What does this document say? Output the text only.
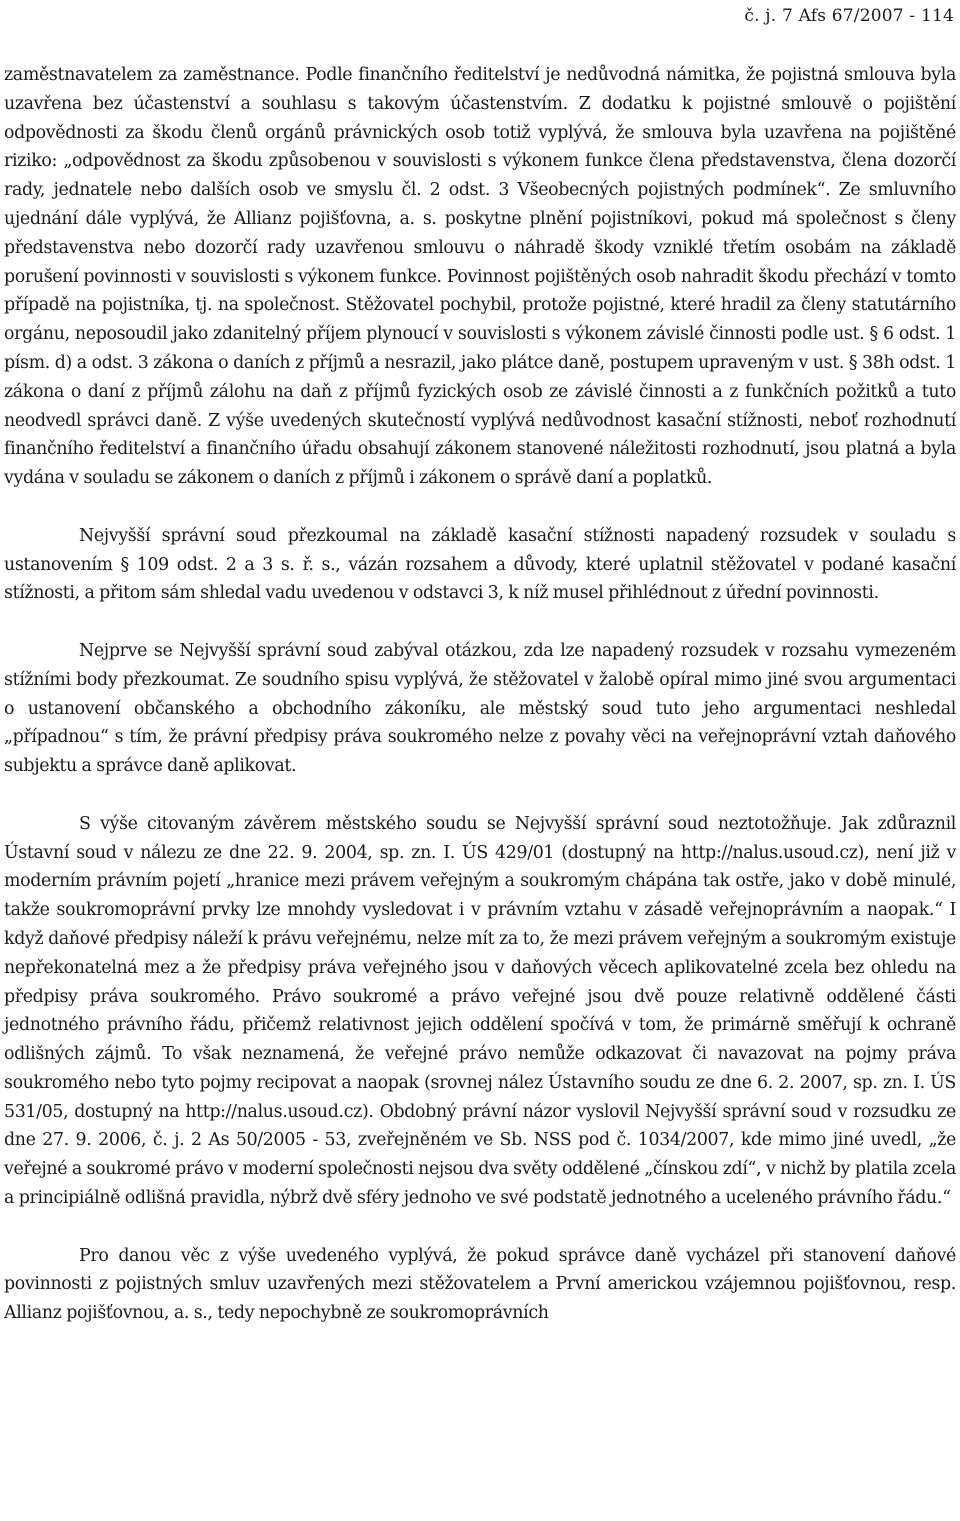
č. j. 7 Afs 67/2007 - 114

zaměstnavatelem za zaměstnance. Podle finančního ředitelství je nedůvodná námitka, že pojistná smlouva byla uzavřena bez účastenství a souhlasu s takovým účastenstvím. Z dodatku k pojistné smlouvě o pojištění odpovědnosti za škodu členů orgánů právnických osob totiž vyplývá, že smlouva byla uzavřena na pojištěné riziko: „odpovědnost za škodu způsobenou v souvislosti s výkonem funkce člena představenstva, člena dozorčí rady, jednatele nebo dalších osob ve smyslu čl. 2 odst. 3 Všeobecných pojistných podmínek“. Ze smluvního ujednání dále vyplývá, že Allianz pojišťovna, a. s. poskytne plnění pojistníkovi, pokud má společnost s členy představenstva nebo dozorčí rady uzavřenou smlouvu o náhradě škody vzniklé třetím osobám na základě porušení povinnosti v souvislosti s výkonem funkce. Povinnost pojištěných osob nahradit škodu přechází v tomto případě na pojistníka, tj. na společnost. Stěžovatel pochybil, protože pojistné, které hradil za členy statutárního orgánu, neposoudil jako zdanitelný příjem plynoucí v souvislosti s výkonem závislé činnosti podle ust. § 6 odst. 1 písm. d) a odst. 3 zákona o daních z příjmů a nesrazil, jako plátce daně, postupem upraveným v ust. § 38h odst. 1 zákona o daní z příjmů zálohu na daň z příjmů fyzických osob ze závislé činnosti a z funkčních požitků a tuto neodvedl správci daně. Z výše uvedených skutečností vyplývá nedůvodnost kasační stížnosti, neboť rozhodnutí finančního ředitelství a finančního úřadu obsahují zákonem stanovené náležitosti rozhodnutí, jsou platná a byla vydána v souladu se zákonem o daních z příjmů i zákonem o správě daní a poplatků.

Nejvyšší správní soud přezkoumal na základě kasační stížnosti napadený rozsudek v souladu s ustanovením § 109 odst. 2 a 3 s. ř. s., vázán rozsahem a důvody, které uplatnil stěžovatel v podané kasační stížnosti, a přitom sám shledal vadu uvedenou v odstavci 3, k níž musel přihlédnout z úřední povinnosti.

Nejprve se Nejvyšší správní soud zabýval otázkou, zda lze napadený rozsudek v rozsahu vymezeném stížními body přezkoumat. Ze soudního spisu vyplývá, že stěžovatel v žalobě opíral mimo jiné svou argumentaci o ustanovení občanského a obchodního zákoníku, ale městský soud tuto jeho argumentaci neshledal „případnou“ s tím, že právní předpisy práva soukromého nelze z povahy věci na veřejnoprávní vztah daňového subjektu a správce daně aplikovat.

S výše citovaným závěrem městského soudu se Nejvyšší správní soud neztotožňuje. Jak zdůraznil Ústavní soud v nálezu ze dne 22. 9. 2004, sp. zn. I. ÚS 429/01 (dostupný na http://nalus.usoud.cz), není již v moderním právním pojetí „hranice mezi právem veřejným a soukromým chápána tak ostře, jako v době minulé, takže soukromoprávní prvky lze mnohdy vysledovat i v právním vztahu v zásadě veřejnoprávním a naopak.“ I když daňové předpisy náleží k právu veřejnému, nelze mít za to, že mezi právem veřejným a soukromým existuje nepřekonatelná mez a že předpisy práva veřejného jsou v daňových věcech aplikovatelné zcela bez ohledu na předpisy práva soukromého. Právo soukromé a právo veřejné jsou dvě pouze relativně oddělené části jednotného právního řádu, přičemž relativnost jejich oddělení spočívá v tom, že primárně směřují k ochraně odlišných zájmů. To však neznamená, že veřejné právo nemůže odkazovat či navazovat na pojmy práva soukromého nebo tyto pojmy recipovat a naopak (srovnej nález Ústavního soudu ze dne 6. 2. 2007, sp. zn. I. ÚS 531/05, dostupný na http://nalus.usoud.cz). Obdobný právní názor vyslovil Nejvyšší správní soud v rozsudku ze dne 27. 9. 2006, č. j. 2 As 50/2005 - 53, zveřejněném ve Sb. NSS pod č. 1034/2007, kde mimo jiné uvedl, „že veřejné a soukromé právo v moderní společnosti nejsou dva světy oddělené „čínskou zdí“, v nichž by platila zcela a principiálně odlišná pravidla, nýbrž dvě sféry jednoho ve své podstatě jednotného a uceleného právního řádu.“

Pro danou věc z výše uvedeného vyplývá, že pokud správce daně vycházel při stanovení daňové povinnosti z pojistných smluv uzavřených mezi stěžovatelem a První americkou vzájemnou pojišťovnou, resp. Allianz pojišťovnou, a. s., tedy nepochybně ze soukromoprávních
